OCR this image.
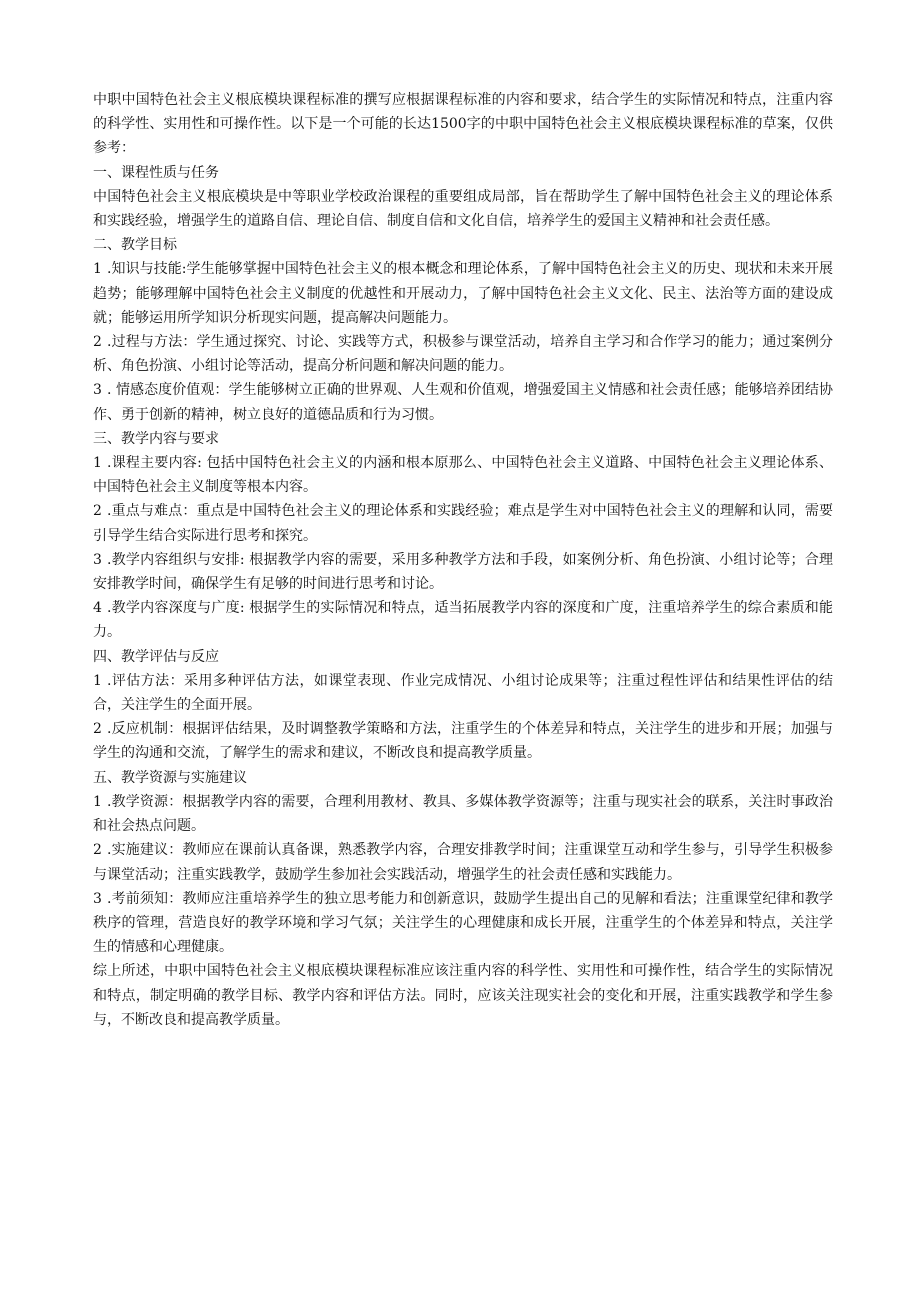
中职中国特色社会主义根底模块课程标准的撰写应根据课程标准的内容和要求，结合学生的实际情况和特点，注重内容的科学性、实用性和可操作性。以下是一个可能的长达1500字的中职中国特色社会主义根底模块课程标准的草案，仅供参考：

一、课程性质与任务

中国特色社会主义根底模块是中等职业学校政治课程的重要组成局部，旨在帮助学生了解中国特色社会主义的理论体系和实践经验，增强学生的道路自信、理论自信、制度自信和文化自信，培养学生的爱国主义精神和社会责任感。

二、教学目标

1 .知识与技能:学生能够掌握中国特色社会主义的根本概念和理论体系，了解中国特色社会主义的历史、现状和未来开展趋势；能够理解中国特色社会主义制度的优越性和开展动力，了解中国特色社会主义文化、民主、法治等方面的建设成就；能够运用所学知识分析现实问题，提高解决问题能力。

2 .过程与方法：学生通过探究、讨论、实践等方式，积极参与课堂活动，培养自主学习和合作学习的能力；通过案例分析、角色扮演、小组讨论等活动，提高分析问题和解决问题的能力。

3 . 情感态度价值观：学生能够树立正确的世界观、人生观和价值观，增强爱国主义情感和社会责任感；能够培养团结协作、勇于创新的精神，树立良好的道德品质和行为习惯。

三、教学内容与要求

1 .课程主要内容: 包括中国特色社会主义的内涵和根本原那么、中国特色社会主义道路、中国特色社会主义理论体系、中国特色社会主义制度等根本内容。

2 .重点与难点：重点是中国特色社会主义的理论体系和实践经验；难点是学生对中国特色社会主义的理解和认同，需要引导学生结合实际进行思考和探究。

3 .教学内容组织与安排: 根据教学内容的需要，采用多种教学方法和手段，如案例分析、角色扮演、小组讨论等；合理安排教学时间，确保学生有足够的时间进行思考和讨论。

4 .教学内容深度与广度: 根据学生的实际情况和特点，适当拓展教学内容的深度和广度，注重培养学生的综合素质和能力。

四、教学评估与反应

1 .评估方法：采用多种评估方法，如课堂表现、作业完成情况、小组讨论成果等；注重过程性评估和结果性评估的结合，关注学生的全面开展。

2 .反应机制：根据评估结果，及时调整教学策略和方法，注重学生的个体差异和特点，关注学生的进步和开展；加强与学生的沟通和交流，了解学生的需求和建议，不断改良和提高教学质量。

五、教学资源与实施建议

1 .教学资源：根据教学内容的需要，合理利用教材、教具、多媒体教学资源等；注重与现实社会的联系，关注时事政治和社会热点问题。

2 .实施建议：教师应在课前认真备课，熟悉教学内容，合理安排教学时间；注重课堂互动和学生参与，引导学生积极参与课堂活动；注重实践教学，鼓励学生参加社会实践活动，增强学生的社会责任感和实践能力。

3 .考前须知：教师应注重培养学生的独立思考能力和创新意识，鼓励学生提出自己的见解和看法；注重课堂纪律和教学秩序的管理，营造良好的教学环境和学习气氛；关注学生的心理健康和成长开展，注重学生的个体差异和特点，关注学生的情感和心理健康。

综上所述，中职中国特色社会主义根底模块课程标准应该注重内容的科学性、实用性和可操作性，结合学生的实际情况和特点，制定明确的教学目标、教学内容和评估方法。同时，应该关注现实社会的变化和开展，注重实践教学和学生参与，不断改良和提高教学质量。
